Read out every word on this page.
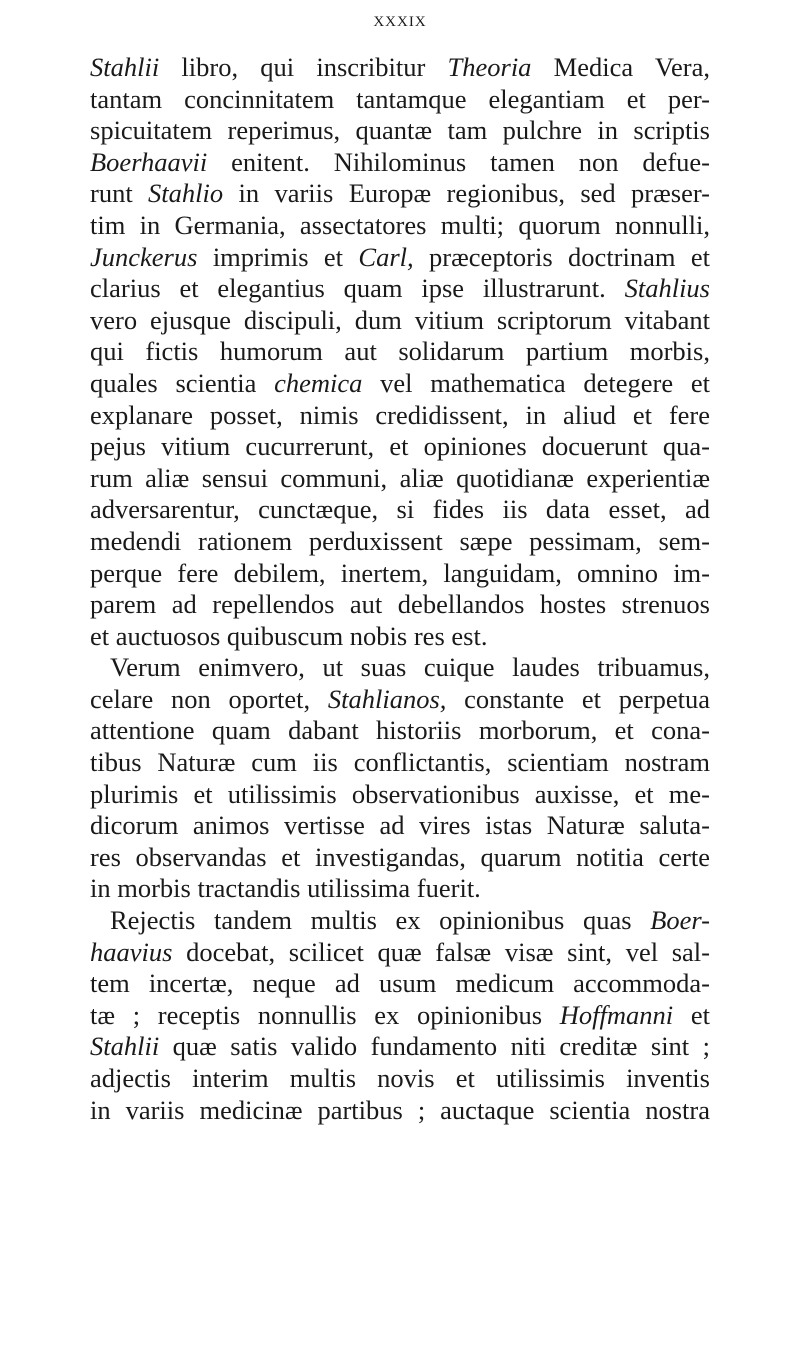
xxxix
Stahlii libro, qui inscribitur Theoria Medica Vera,
tantam concinnitatem tantamque elegantiam et per-
spicuitatem reperimus, quantæ tam pulchre in scriptis
Boerhaavii enitent. Nihilominus tamen non defue-
runt Stahlio in variis Europæ regionibus, sed præser-
tim in Germania, assectatores multi; quorum nonnulli,
Junckerus imprimis et Carl, præceptoris doctrinam et
clarius et elegantius quam ipse illustrarunt. Stahlius
vero ejusque discipuli, dum vitium scriptorum vitabant
qui fictis humorum aut solidarum partium morbis,
quales scientia chemica vel mathematica detegere et
explanare posset, nimis credidissent, in aliud et fere
pejus vitium cucurrerunt, et opiniones docuerunt qua-
rum aliæ sensui communi, aliæ quotidianæ experientiæ
adversarentur, cunctæque, si fides iis data esset, ad
medendi rationem perduxissent sæpe pessimam, sem-
perque fere debilem, inertem, languidam, omnino im-
parem ad repellendos aut debellandos hostes strenuos
et auctuosos quibuscum nobis res est.
Verum enimvero, ut suas cuique laudes tribuamus,
celare non oportet, Stahlianos, constante et perpetua
attentione quam dabant historiis morborum, et cona-
tibus Naturæ cum iis conflictantis, scientiam nostram
plurimis et utilissimis observationibus auxisse, et me-
dicorum animos vertisse ad vires istas Naturæ saluta-
res observandas et investigandas, quarum notitia certe
in morbis tractandis utilissima fuerit.
Rejectis tandem multis ex opinionibus quas Boer-
haavius docebat, scilicet quæ falsæ visæ sint, vel sal-
tem incertæ, neque ad usum medicum accommoda-
tæ ; receptis nonnullis ex opinionibus Hoffmanni et
Stahlii quæ satis valido fundamento niti creditæ sint ;
adjectis interim multis novis et utilissimis inventis
in variis medicinæ partibus ; auctaque scientia nostra
